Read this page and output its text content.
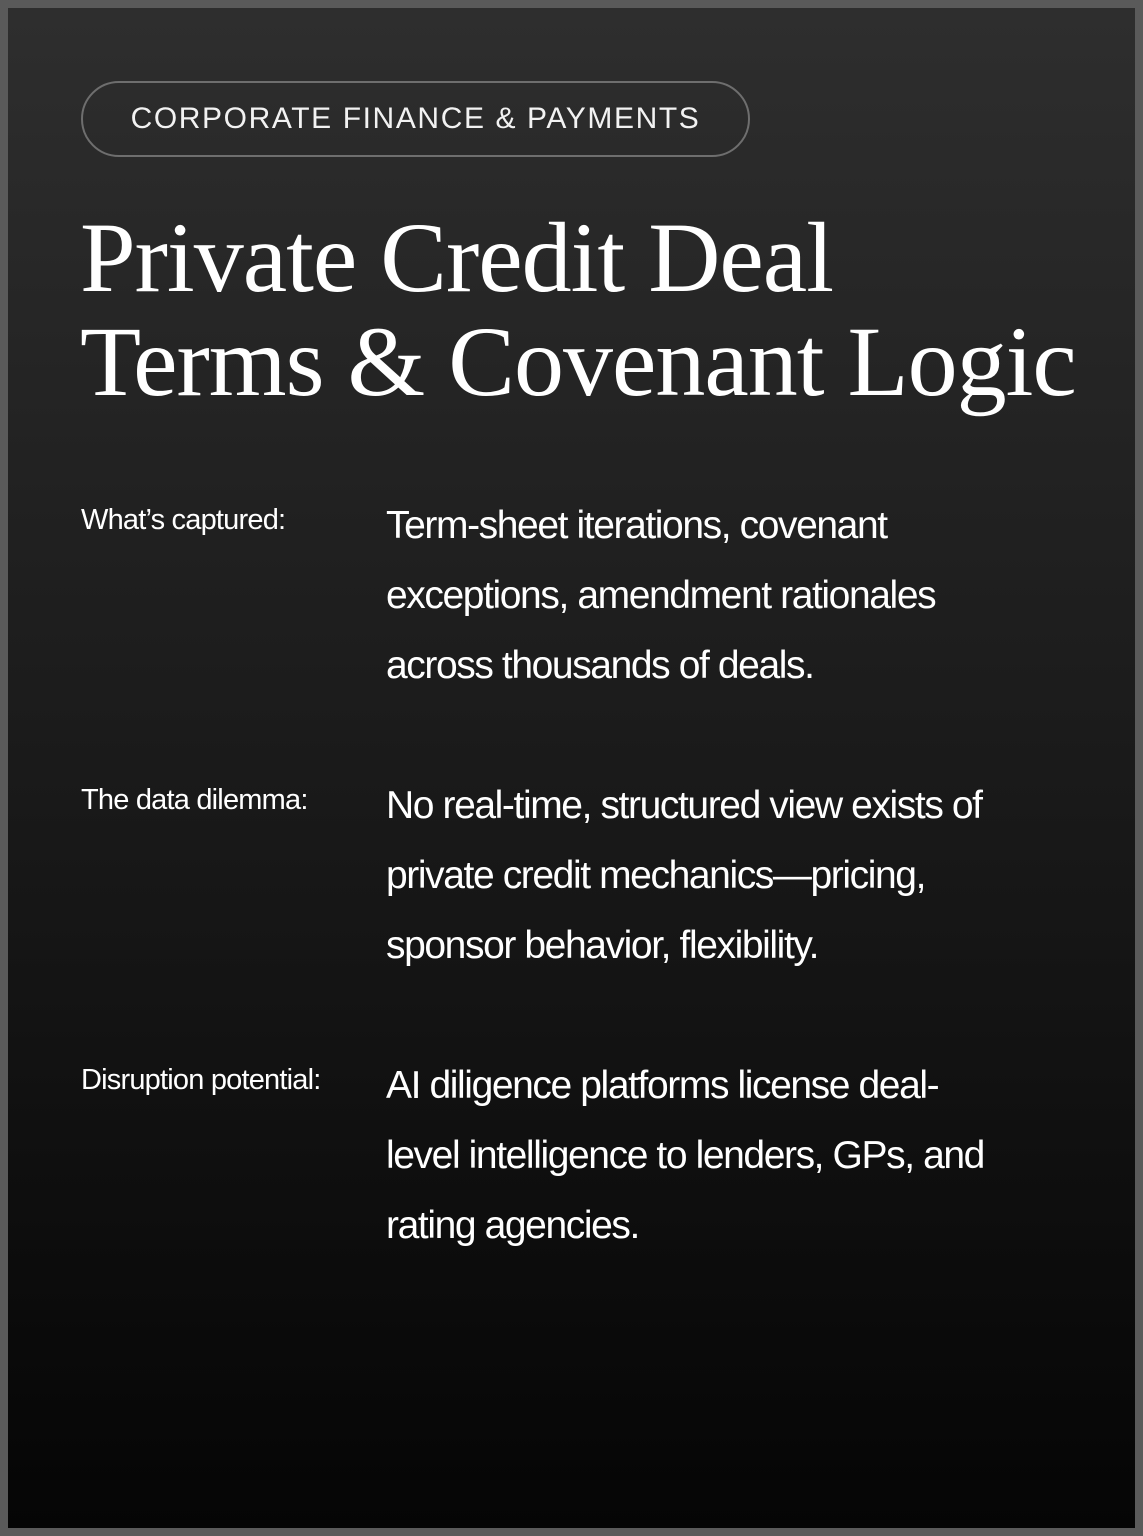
CORPORATE FINANCE & PAYMENTS
Private Credit Deal
Terms & Covenant Logic
What’s captured:	Term-sheet iterations, covenant
exceptions, amendment rationales
across thousands of deals.
The data dilemma:	No real-time, structured view exists of
private credit mechanics—pricing,
sponsor behavior, flexibility.
Disruption potential:	AI diligence platforms license deal-
level intelligence to lenders, GPs, and
rating agencies.
